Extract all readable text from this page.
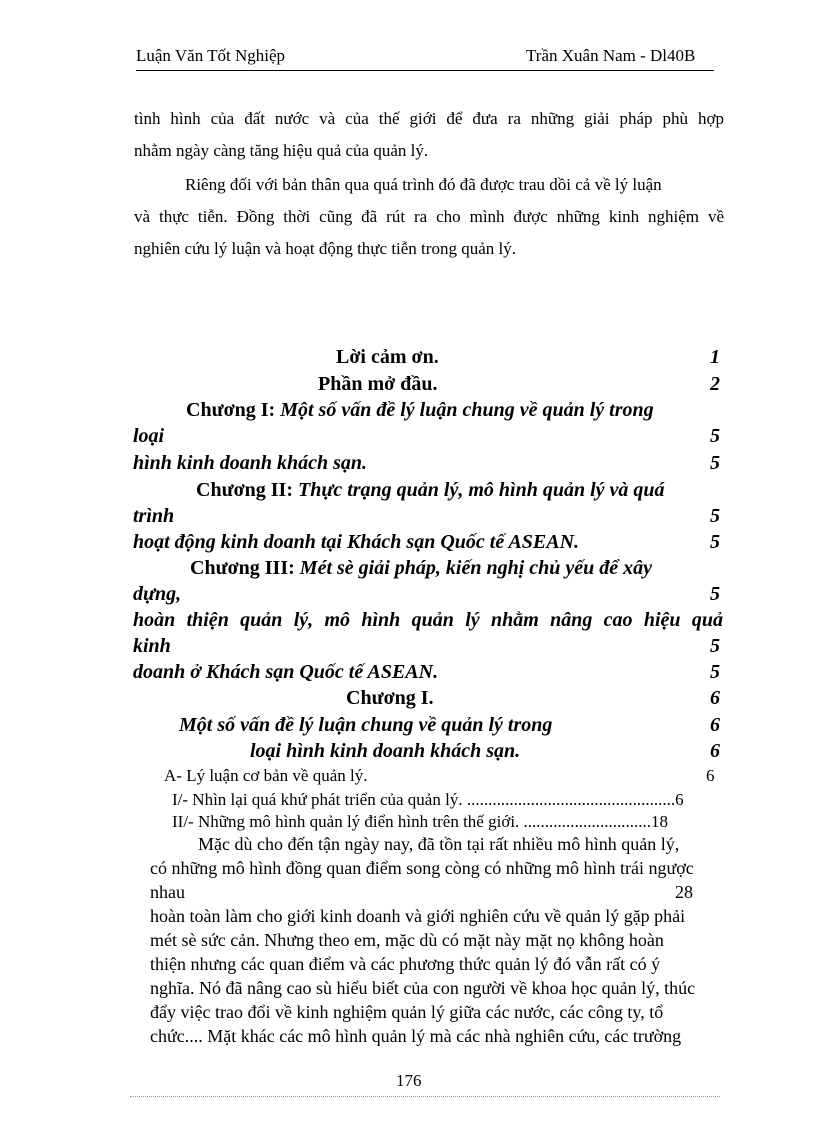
Luận Văn Tốt Nghiệp	Trần Xuân Nam - Dl40B
tình hình của đất nước và của thế giới để đưa ra những giải pháp phù hợp
nhằm ngày càng tăng hiệu quả của quản lý.
Riêng đối với bản thân qua quá trình đó đã được trau dồi cả về lý luận
và thực tiễn. Đồng thời cũng đã rút ra cho mình được những kinh nghiệm về
nghiên cứu lý luận và hoạt động thực tiễn trong quản lý.
Lời cảm ơn.	1
Phần mở đầu.	2
Chương I: Một số vấn đề lý luận chung về quản lý trong
loại	5
hình kinh doanh khách sạn.	5
Chương II: Thực trạng quản lý, mô hình quản lý và quá
trình	5
hoạt động kinh doanh tại Khách sạn Quốc tế ASEAN.	5
Chương III: Mét sè giải pháp, kiến nghị chủ yếu để xây
dựng,	5
hoàn thiện quản lý, mô hình quản lý nhằm nâng cao hiệu quả
kinh	5
doanh ở Khách sạn Quốc tế ASEAN.	5
Chương I.	6
Một số vấn đề lý luận chung về quản lý trong	6
loại hình kinh doanh khách sạn.	6
A- Lý luận cơ bản về quản lý.	6
I/- Nhìn lại quá khứ phát triển của quản lý. .................................................6
II/- Những mô hình quản lý điển hình trên thế giới. ..............................18
Mặc dù cho đến tận ngày nay, đã tồn tại rất nhiều mô hình quản lý,
có những mô hình đồng quan điểm song còng có những mô hình trái ngược
nhau	28
hoàn toàn làm cho giới kinh doanh và giới nghiên cứu về quản lý gặp phải
mét sè sức cản. Nhưng theo em, mặc dù có mặt này mặt nọ không hoàn
thiện nhưng các quan điểm và các phương thức quản lý đó vẫn rất có ý
nghĩa. Nó đã nâng cao sù hiểu biết của con người về khoa học quản lý, thúc
đẩy việc trao đổi về kinh nghiệm quản lý giữa các nước, các công ty, tổ
chức.... Mặt khác các mô hình quản lý mà các nhà nghiên cứu, các trường
176
